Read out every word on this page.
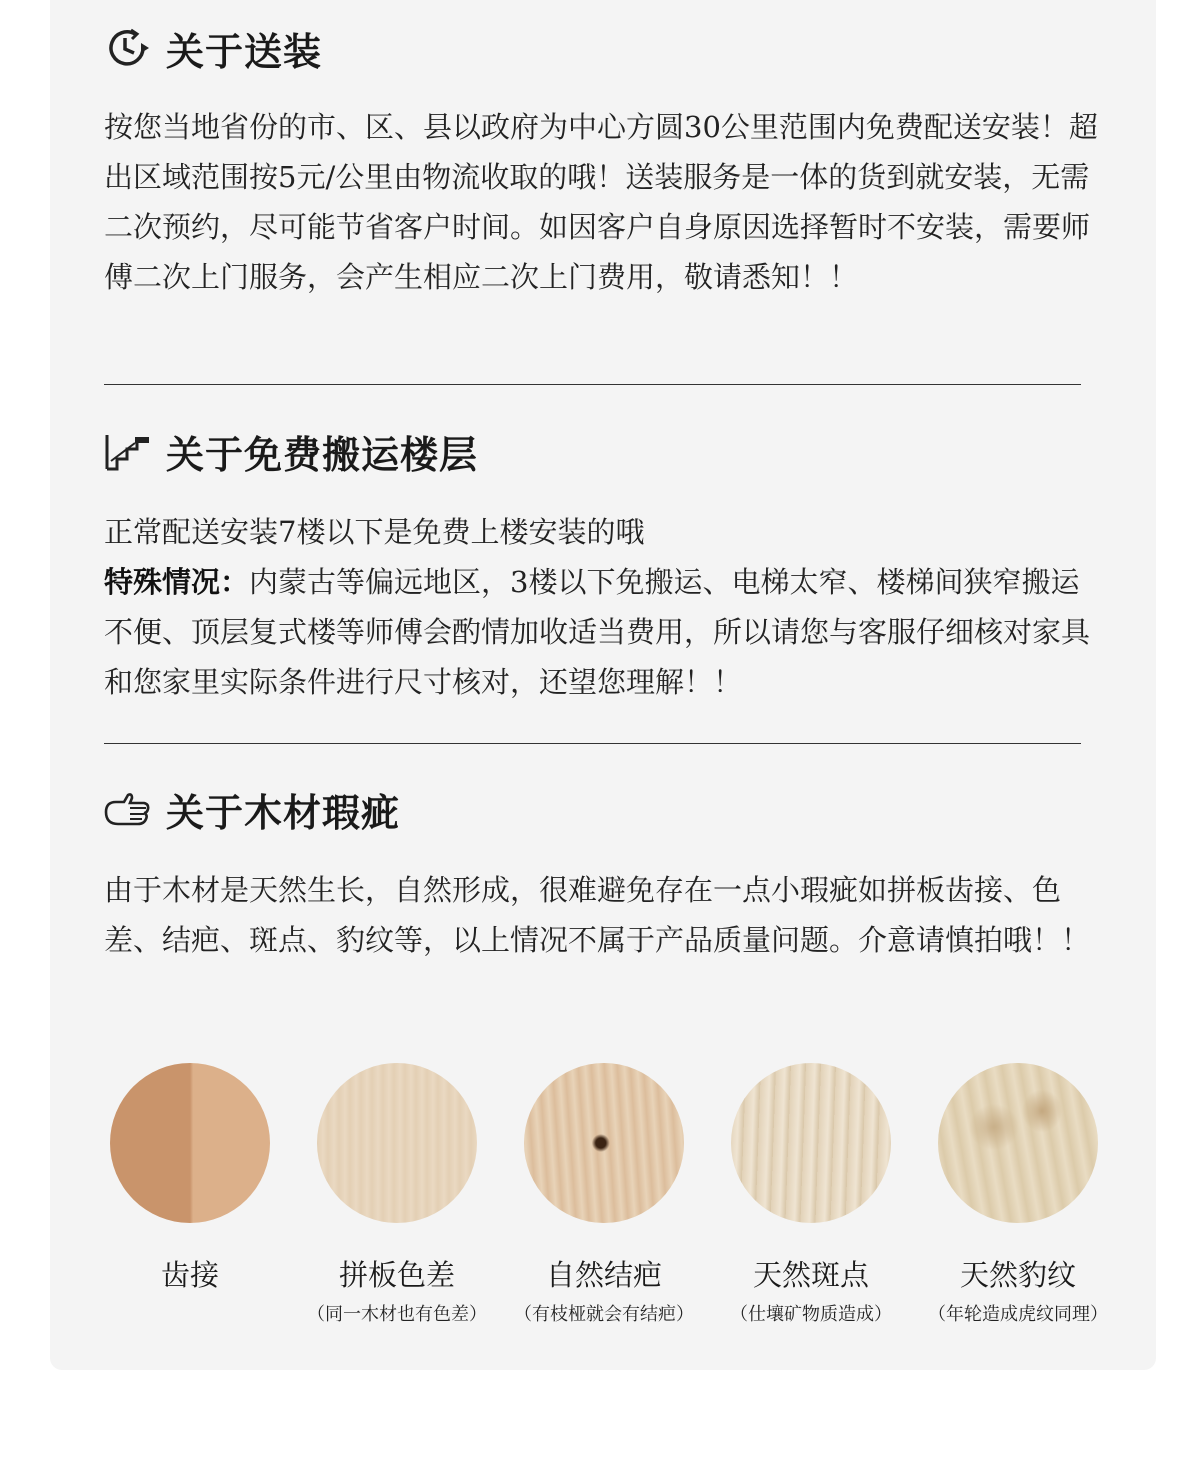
关于送装

按您当地省份的市、区、县以政府为中心方圆30公里范围内免费配送安装！超出区域范围按5元/公里由物流收取的哦！送装服务是一体的货到就安装，无需二次预约，尽可能节省客户时间。如因客户自身原因选择暂时不安装，需要师傅二次上门服务，会产生相应二次上门费用，敬请悉知！！

关于免费搬运楼层

正常配送安装7楼以下是免费上楼安装的哦

特殊情况：内蒙古等偏远地区，3楼以下免搬运、电梯太窄、楼梯间狭窄搬运不便、顶层复式楼等师傅会酌情加收适当费用，所以请您与客服仔细核对家具和您家里实际条件进行尺寸核对，还望您理解！！

关于木材瑕疵

由于木材是天然生长，自然形成，很难避免存在一点小瑕疵如拼板齿接、色差、结疤、斑点、豹纹等，以上情况不属于产品质量问题。介意请慎拍哦！！

齿接	拼板色差
（同一木材也有色差）
自然结疤
（有枝桠就会有结疤）
天然斑点
（仕壤矿物质造成）
天然豹纹
（年轮造成虎纹同理）
